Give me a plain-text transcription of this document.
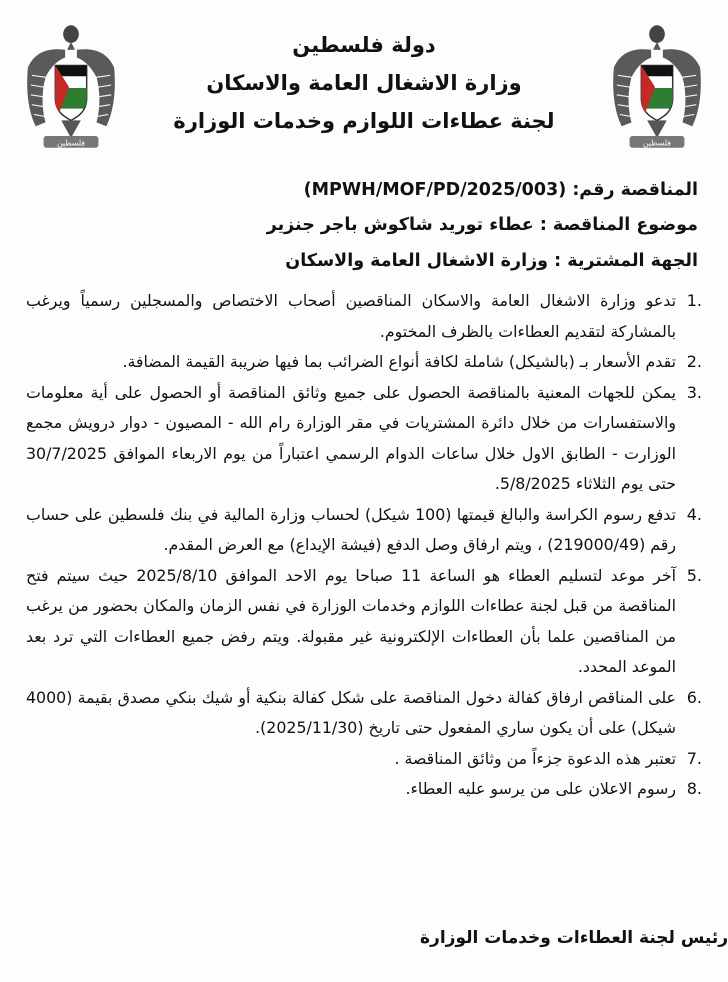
فلسطين	فلسطين
دولة فلسطين
وزارة الاشغال العامة والاسكان
لجنة عطاءات اللوازم وخدمات الوزارة
المناقصة رقم: (MPWH/MOF/PD/2025/003)
موضوع المناقصة : عطاء توريد شاكوش باجر جنزير
الجهة المشترية : وزارة الاشغال العامة والاسكان
1.
تدعو وزارة الاشغال العامة والاسكان المناقصين أصحاب الاختصاص والمسجلين رسمياً ويرغب بالمشاركة لتقديم العطاءات بالظرف المختوم.
2.
تقدم الأسعار بـ (بالشيكل) شاملة لكافة أنواع الضرائب بما فيها ضريبة القيمة المضافة.
3.
يمكن للجهات المعنية بالمناقصة الحصول على جميع وثائق المناقصة أو الحصول على أية معلومات والاستفسارات من خلال دائرة المشتريات في مقر الوزارة رام الله - المصيون - دوار درويش مجمع الوزارت - الطابق الاول خلال ساعات الدوام الرسمي اعتباراً من يوم الاربعاء الموافق 30/7/2025 حتى يوم الثلاثاء 5/8/2025.
4.
تدفع رسوم الكراسة والبالغ قيمتها (100 شيكل) لحساب وزارة المالية في بنك فلسطين على حساب رقم (219000/49) ، ويتم ارفاق وصل الدفع (فيشة الإيداع) مع العرض المقدم.
5.
آخر موعد لتسليم العطاء هو الساعة 11 صباحا يوم الاحد الموافق 2025/8/10 حيث سيتم فتح المناقصة من قبل لجنة عطاءات اللوازم وخدمات الوزارة في نفس الزمان والمكان بحضور من يرغب من المناقصين علما بأن العطاءات الإلكترونية غير مقبولة. ويتم رفض جميع العطاءات التي ترد بعد الموعد المحدد.
6.
على المناقص ارفاق كفالة دخول المناقصة على شكل كفالة بنكية أو شيك بنكي مصدق بقيمة (4000 شيكل) على أن يكون ساري المفعول حتى تاريخ (2025/11/30).
7.
تعتبر هذه الدعوة جزءاً من وثائق المناقصة .
8.
رسوم الاعلان على من يرسو عليه العطاء.
رئيس لجنة العطاءات وخدمات الوزارة
